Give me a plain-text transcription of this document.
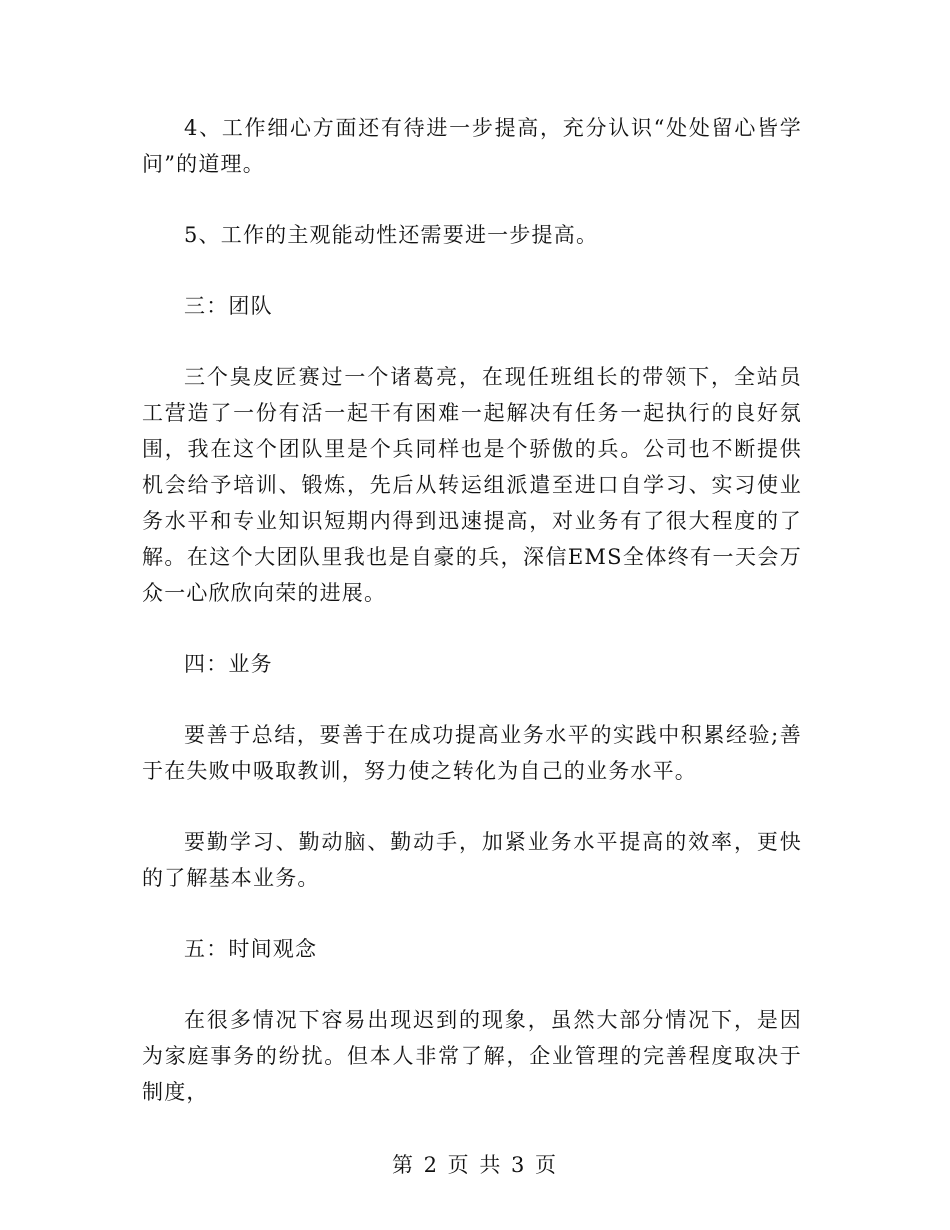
4、工作细心方面还有待进一步提高，充分认识“处处留心皆学问”的道理。

5、工作的主观能动性还需要进一步提高。

三：团队

三个臭皮匠赛过一个诸葛亮，在现任班组长的带领下，全站员工营造了一份有活一起干有困难一起解决有任务一起执行的良好氛围，我在这个团队里是个兵同样也是个骄傲的兵。公司也不断提供机会给予培训、锻炼，先后从转运组派遣至进口自学习、实习使业务水平和专业知识短期内得到迅速提高，对业务有了很大程度的了解。在这个大团队里我也是自豪的兵，深信EMS全体终有一天会万众一心欣欣向荣的进展。

四：业务

要善于总结，要善于在成功提高业务水平的实践中积累经验;善于在失败中吸取教训，努力使之转化为自己的业务水平。

要勤学习、勤动脑、勤动手，加紧业务水平提高的效率，更快的了解基本业务。

五：时间观念

在很多情况下容易出现迟到的现象，虽然大部分情况下，是因为家庭事务的纷扰。但本人非常了解，企业管理的完善程度取决于制度，

第 2 页 共 3 页
